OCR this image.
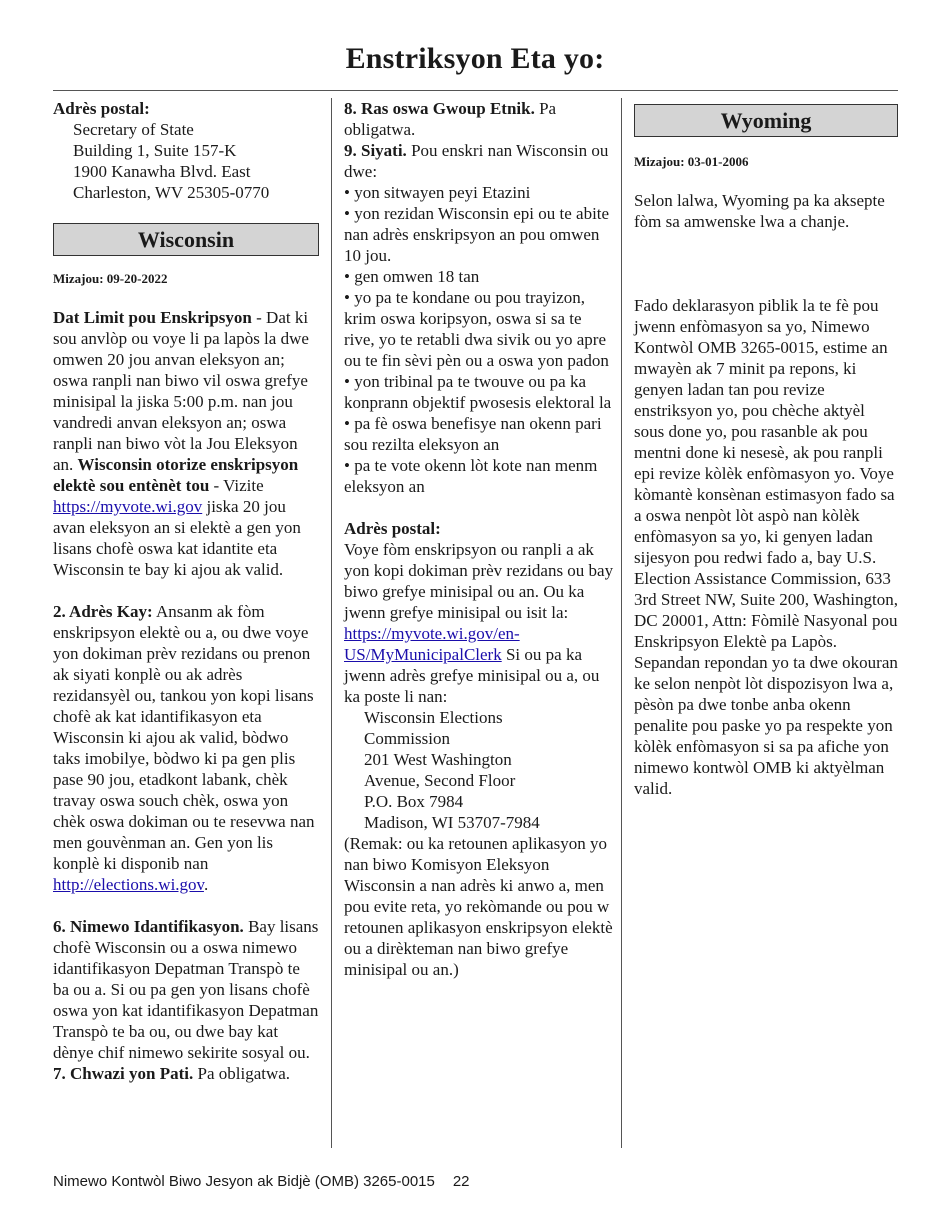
Enstriksyon Eta yo:

Adrès postal:

Secretary of State

Building 1, Suite 157-K

1900 Kanawha Blvd. East

Charleston, WV 25305-0770

Wisconsin

Mizajou: 09-20-2022

Dat Limit pou Enskripsyon - Dat ki sou anvlòp ou voye li pa lapòs la dwe omwen 20 jou anvan eleksyon an; oswa ranpli nan biwo vil oswa grefye minisipal la jiska 5:00 p.m. nan jou vandredi anvan eleksyon an; oswa ranpli nan biwo vòt la Jou Eleksyon an. Wisconsin otorize enskripsyon elektè sou entènèt tou - Vizite https://myvote.wi.gov jiska 20 jou avan eleksyon an si elektè a gen yon lisans chofè oswa kat idantite eta Wisconsin te bay ki ajou ak valid.

2. Adrès Kay: Ansanm ak fòm enskripsyon elektè ou a, ou dwe voye yon dokiman prèv rezidans ou prenon ak siyati konplè ou ak adrès rezidansyèl ou, tankou yon kopi lisans chofè ak kat idantifikasyon eta Wisconsin ki ajou ak valid, bòdwo taks imobilye, bòdwo ki pa gen plis pase 90 jou, etadkont labank, chèk travay oswa souch chèk, oswa yon chèk oswa dokiman ou te resevwa nan men gouvènman an. Gen yon lis konplè ki disponib nan http://elections.wi.gov.

6. Nimewo Idantifikasyon. Bay lisans chofè Wisconsin ou a oswa nimewo idantifikasyon Depatman Transpò te ba ou a. Si ou pa gen yon lisans chofè oswa yon kat idantifikasyon Depatman Transpò te ba ou, ou dwe bay kat dènye chif nimewo sekirite sosyal ou.

7. Chwazi yon Pati. Pa obligatwa.

8. Ras oswa Gwoup Etnik. Pa obligatwa.

9. Siyati. Pou enskri nan Wisconsin ou dwe:

• yon sitwayen peyi Etazini

• yon rezidan Wisconsin epi ou te abite nan adrès enskripsyon an pou omwen 10 jou.

• gen omwen 18 tan

• yo pa te kondane ou pou trayizon, krim oswa koripsyon, oswa si sa te rive, yo te retabli dwa sivik ou yo apre ou te fin sèvi pèn ou a oswa yon padon

• yon tribinal pa te twouve ou pa ka konprann objektif pwosesis elektoral la

• pa fè oswa benefisye nan okenn pari sou rezilta eleksyon an

• pa te vote okenn lòt kote nan menm eleksyon an

Adrès postal:

Voye fòm enskripsyon ou ranpli a ak yon kopi dokiman prèv rezidans ou bay biwo grefye minisipal ou an. Ou ka jwenn grefye minisipal ou isit la: https://myvote.wi.gov/en-US/MyMunicipalClerk Si ou pa ka jwenn adrès grefye minisipal ou a, ou ka poste li nan:

Wisconsin Elections

Commission

201 West Washington

Avenue, Second Floor

P.O. Box 7984

Madison, WI 53707-7984

(Remak: ou ka retounen aplikasyon yo nan biwo Komisyon Eleksyon Wisconsin a nan adrès ki anwo a, men pou evite reta, yo rekòmande ou pou w retounen aplikasyon enskripsyon elektè ou a dirèkteman nan biwo grefye minisipal ou an.)

Wyoming

Mizajou: 03-01-2006

Selon lalwa, Wyoming pa ka aksepte fòm sa amwenske lwa a chanje.

Fado deklarasyon piblik la te fè pou jwenn enfòmasyon sa yo, Nimewo Kontwòl OMB 3265-0015, estime an mwayèn ak 7 minit pa repons, ki genyen ladan tan pou revize enstriksyon yo, pou chèche aktyèl sous done yo, pou rasanble ak pou mentni done ki nesesè, ak pou ranpli epi revize kòlèk enfòmasyon yo. Voye kòmantè konsènan estimasyon fado sa a oswa nenpòt lòt aspò nan kòlèk enfòmasyon sa yo, ki genyen ladan sijesyon pou redwi fado a, bay U.S. Election Assistance Commission, 633 3rd Street NW, Suite 200, Washington, DC 20001, Attn: Fòmilè Nasyonal pou Enskripsyon Elektè pa Lapòs. Sepandan repondan yo ta dwe okouran ke selon nenpòt lòt dispozisyon lwa a, pèsòn pa dwe tonbe anba okenn penalite pou paske yo pa respekte yon kòlèk enfòmasyon si sa pa afiche yon nimewo kontwòl OMB ki aktyèlman valid.

Nimewo Kontwòl Biwo Jesyon ak Bidjè (OMB) 3265-0015 22
